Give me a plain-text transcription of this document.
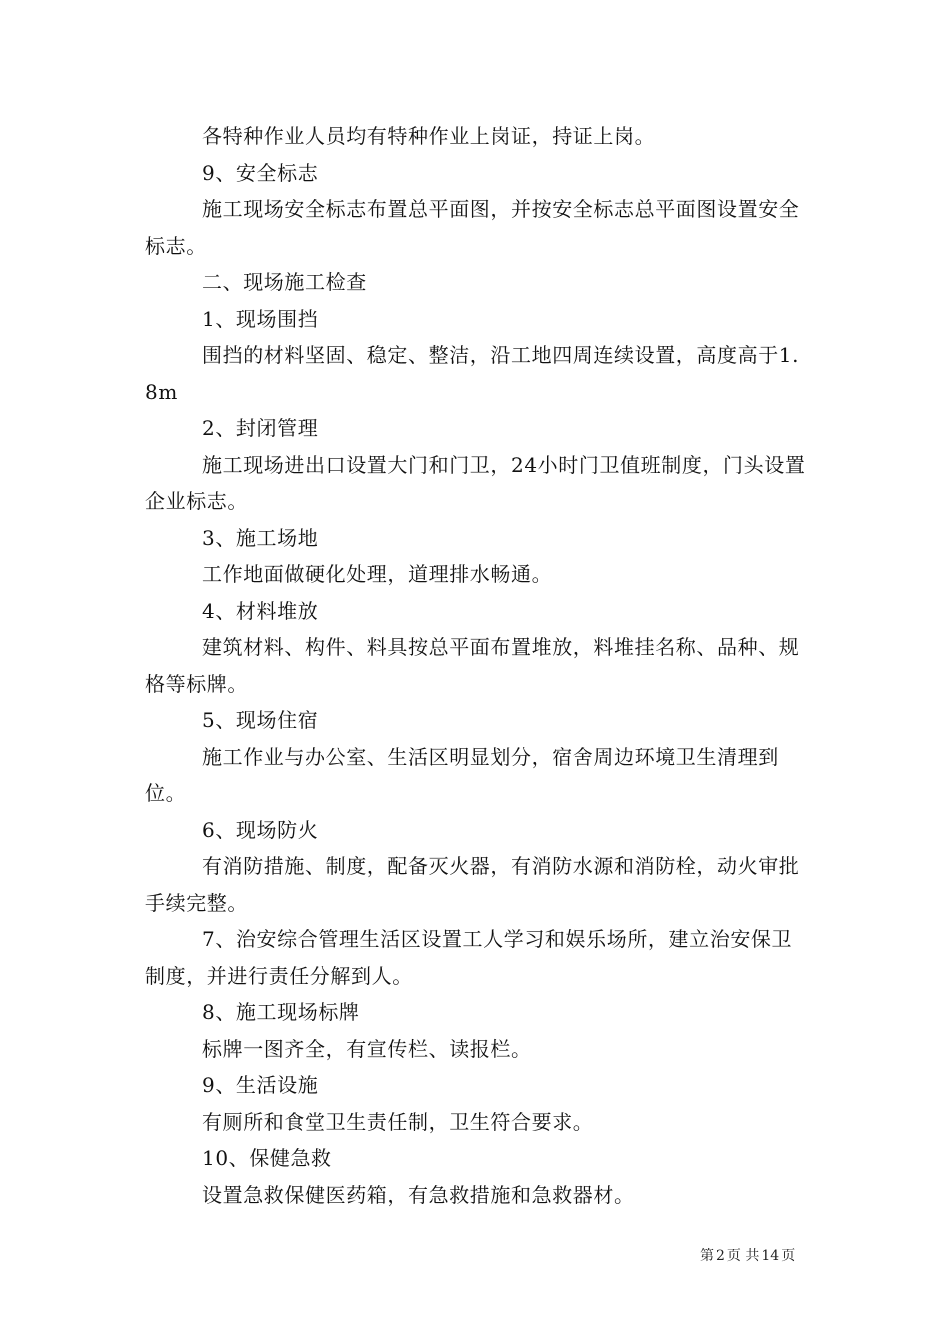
各特种作业人员均有特种作业上岗证，持证上岗。

9、安全标志

施工现场安全标志布置总平面图，并按安全标志总平面图设置安全标志。

二、现场施工检查

1、现场围挡

围挡的材料坚固、稳定、整洁，沿工地四周连续设置，高度高于1.8m

2、封闭管理

施工现场进出口设置大门和门卫，24小时门卫值班制度，门头设置企业标志。

3、施工场地

工作地面做硬化处理，道理排水畅通。

4、材料堆放

建筑材料、构件、料具按总平面布置堆放，料堆挂名称、品种、规格等标牌。

5、现场住宿

施工作业与办公室、生活区明显划分，宿舍周边环境卫生清理到位。

6、现场防火

有消防措施、制度，配备灭火器，有消防水源和消防栓，动火审批手续完整。

7、治安综合管理生活区设置工人学习和娱乐场所，建立治安保卫制度，并进行责任分解到人。

8、施工现场标牌

标牌一图齐全，有宣传栏、读报栏。

9、生活设施

有厕所和食堂卫生责任制，卫生符合要求。

10、保健急救

设置急救保健医药箱，有急救措施和急救器材。

第 2 页 共 14 页
